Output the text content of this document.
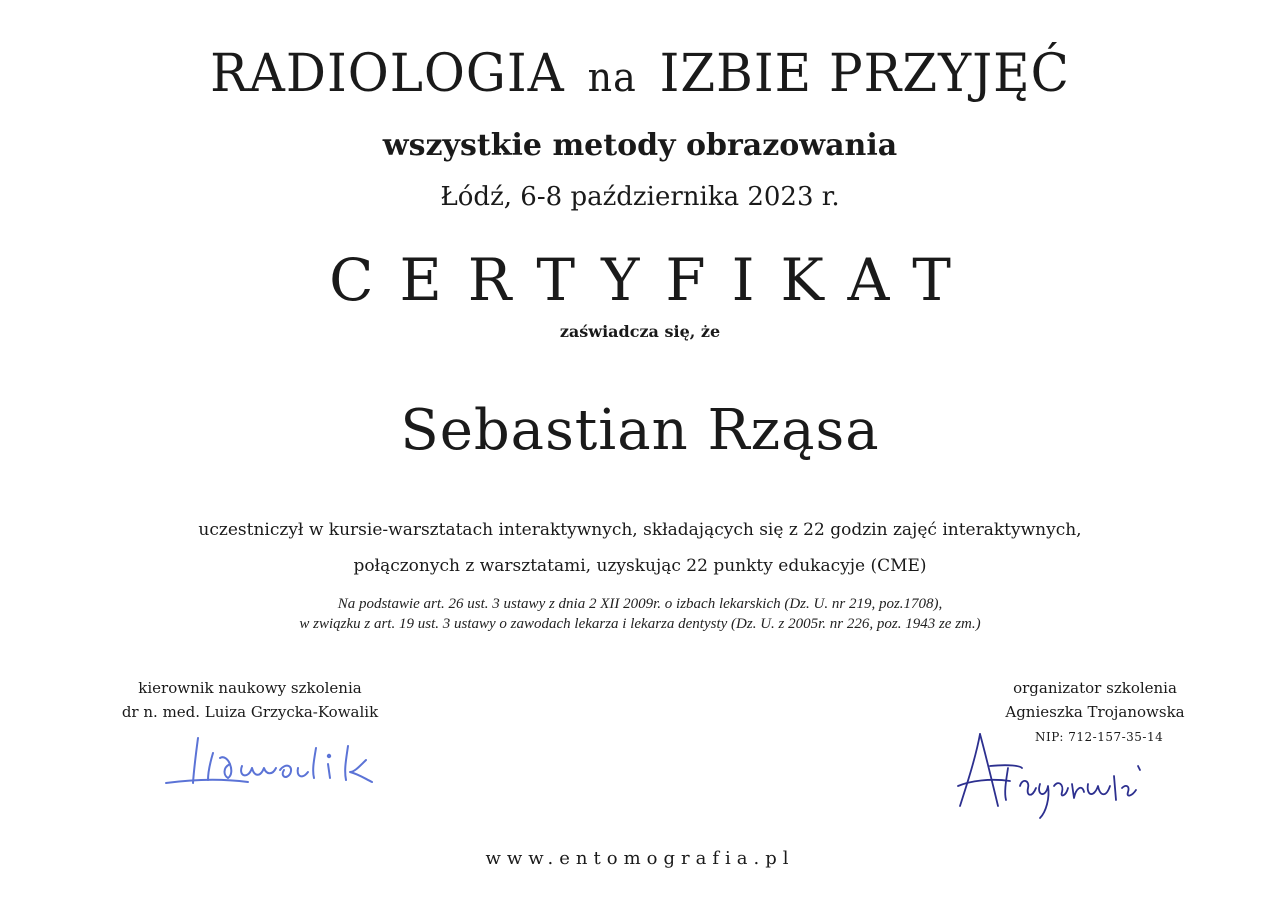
RADIOLOGIA na IZBIE PRZYJĘĆ
wszystkie metody obrazowania
Łódź, 6-8 października 2023 r.
CERTYFIKAT
zaświadcza się, że
Sebastian Rząsa
uczestniczył w kursie-warsztatach interaktywnych, składających się z 22 godzin zajęć interaktywnych,
połączonych z warsztatami, uzyskując 22 punkty edukacyje (CME)
Na podstawie art. 26 ust. 3 ustawy z dnia 2 XII 2009r. o izbach lekarskich (Dz. U. nr 219, poz.1708),
w związku z art. 19 ust. 3 ustawy o zawodach lekarza i lekarza dentysty (Dz. U. z 2005r. nr 226, poz. 1943 ze zm.)
kierownik naukowy szkolenia
dr n. med. Luiza Grzycka-Kowalik
organizator szkolenia
Agnieszka Trojanowska
NIP: 712-157-35-14
www.entomografia.pl
